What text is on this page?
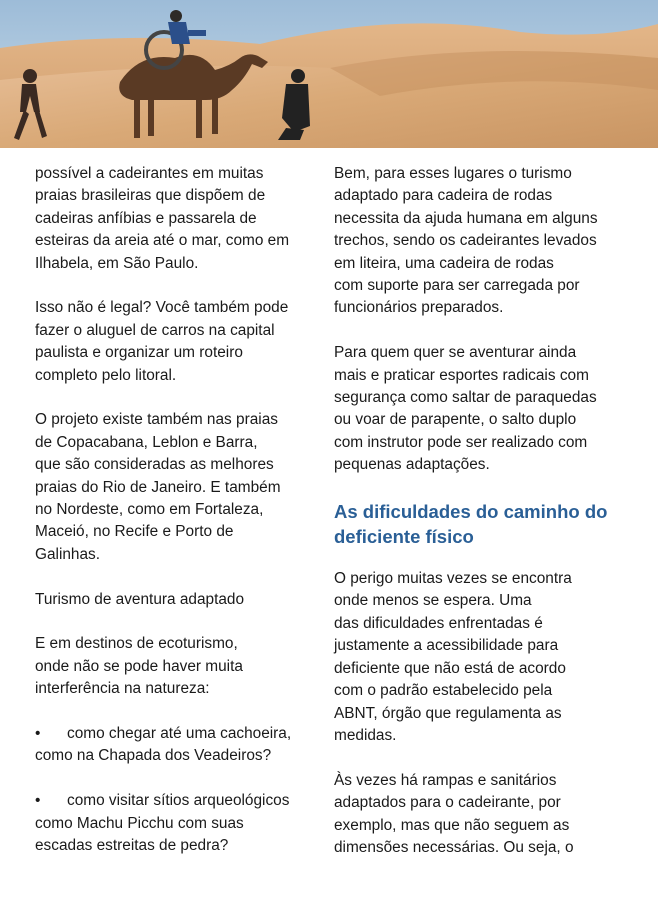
possível a cadeirantes em muitas
praias brasileiras que dispõem de
cadeiras anfíbias e passarela de
esteiras da areia até o mar, como em
Ilhabela, em São Paulo.

Isso não é legal? Você também pode
fazer o aluguel de carros na capital
paulista e organizar um roteiro
completo pelo litoral.

O projeto existe também nas praias
de Copacabana, Leblon e Barra,
que são consideradas as melhores
praias do Rio de Janeiro. E também
no Nordeste, como em Fortaleza,
Maceió, no Recife e Porto de
Galinhas.

Turismo de aventura adaptado

E em destinos de ecoturismo,
onde não se pode haver muita
interferência na natureza:

• como chegar até uma cachoeira,
como na Chapada dos Veadeiros?
• como visitar sítios arqueológicos
como Machu Picchu com suas
escadas estreitas de pedra?

Bem, para esses lugares o turismo
adaptado para cadeira de rodas
necessita da ajuda humana em alguns
trechos, sendo os cadeirantes levados
em liteira, uma cadeira de rodas
com suporte para ser carregada por
funcionários preparados.

Para quem quer se aventurar ainda
mais e praticar esportes radicais com
segurança como saltar de paraquedas
ou voar de parapente, o salto duplo
com instrutor pode ser realizado com
pequenas adaptações.

As dificuldades do caminho do
deficiente físico

O perigo muitas vezes se encontra
onde menos se espera. Uma
das dificuldades enfrentadas é
justamente a acessibilidade para
deficiente que não está de acordo
com o padrão estabelecido pela
ABNT, órgão que regulamenta as
medidas.

Às vezes há rampas e sanitários
adaptados para o cadeirante, por
exemplo, mas que não seguem as
dimensões necessárias. Ou seja, o
